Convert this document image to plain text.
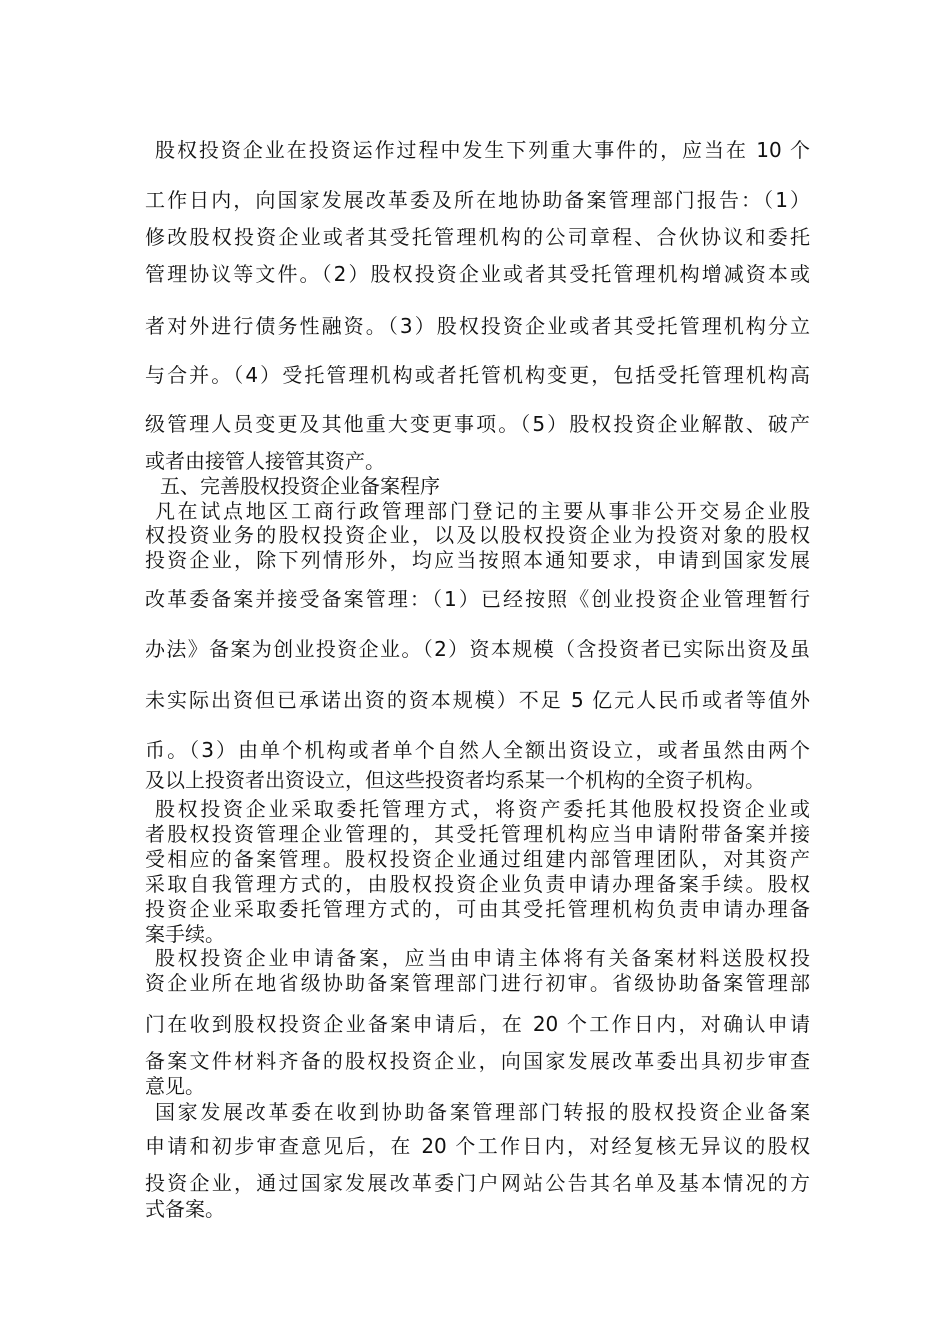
股权投资企业在投资运作过程中发生下列重大事件的，应当在 10 个
工作日内，向国家发展改革委及所在地协助备案管理部门报告：（1）
修改股权投资企业或者其受托管理机构的公司章程、合伙协议和委托
管理协议等文件。（2）股权投资企业或者其受托管理机构增减资本或
者对外进行债务性融资。（3）股权投资企业或者其受托管理机构分立
与合并。（4）受托管理机构或者托管机构变更，包括受托管理机构高
级管理人员变更及其他重大变更事项。（5）股权投资企业解散、破产
或者由接管人接管其资产。
五、完善股权投资企业备案程序
凡在试点地区工商行政管理部门登记的主要从事非公开交易企业股
权投资业务的股权投资企业，以及以股权投资企业为投资对象的股权
投资企业，除下列情形外，均应当按照本通知要求，申请到国家发展
改革委备案并接受备案管理：（1）已经按照《创业投资企业管理暂行
办法》备案为创业投资企业。（2）资本规模（含投资者已实际出资及虽
未实际出资但已承诺出资的资本规模）不足 5 亿元人民币或者等值外
币。（3）由单个机构或者单个自然人全额出资设立，或者虽然由两个
及以上投资者出资设立，但这些投资者均系某一个机构的全资子机构。
股权投资企业采取委托管理方式，将资产委托其他股权投资企业或
者股权投资管理企业管理的，其受托管理机构应当申请附带备案并接
受相应的备案管理。股权投资企业通过组建内部管理团队，对其资产
采取自我管理方式的，由股权投资企业负责申请办理备案手续。股权
投资企业采取委托管理方式的，可由其受托管理机构负责申请办理备
案手续。
股权投资企业申请备案，应当由申请主体将有关备案材料送股权投
资企业所在地省级协助备案管理部门进行初审。省级协助备案管理部
门在收到股权投资企业备案申请后，在 20 个工作日内，对确认申请
备案文件材料齐备的股权投资企业，向国家发展改革委出具初步审查
意见。
国家发展改革委在收到协助备案管理部门转报的股权投资企业备案
申请和初步审查意见后，在 20 个工作日内，对经复核无异议的股权
投资企业，通过国家发展改革委门户网站公告其名单及基本情况的方
式备案。
